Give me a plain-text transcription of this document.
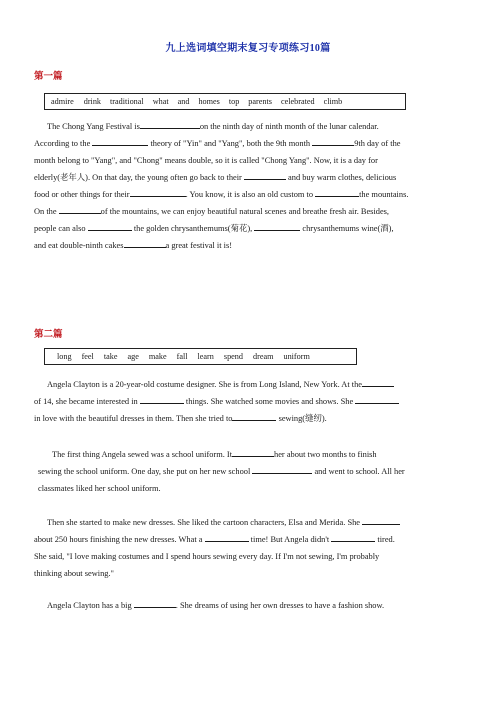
九上选词填空期末复习专项练习10篇
第一篇
admire drink traditional what and homes top parents celebrated climb
The Chong Yang Festival is	on the ninth day of ninth month of the lunar calendar.
According to the	theory of "Yin" and "Yang", both the 9th month	9th day of the
month belong to "Yang", and "Chong" means double, so it is called "Chong Yang". Now, it is a day for
elderly(老年人). On that day, the young often go back to their	and buy warm clothes, delicious
food or other things for their	. You know, it is also an old custom to	the mountains.
On the	of the mountains, we can enjoy beautiful natural scenes and breathe fresh air. Besides,
people can also	the golden chrysanthemums(菊花),	chrysanthemums wine(酒),
and eat double-ninth cakes	a great festival it is!
第二篇
long feel take age make fall learn spend dream uniform
Angela Clayton is a 20-year-old costume designer. She is from Long Island, New York. At the
of 14, she became interested in	things. She watched some movies and shows. She
in love with the beautiful dresses in them. Then she tried to	sewing(缝纫).
The first thing Angela sewed was a school uniform. It	her about two months to finish
sewing the school uniform. One day, she put on her new school	and went to school. All her
classmates liked her school uniform.
Then she started to make new dresses. She liked the cartoon characters, Elsa and Merida. She
about 250 hours finishing the new dresses. What a	time! But Angela didn't	tired.
She said, "I love making costumes and I spend hours sewing every day. If I'm not sewing, I'm probably
thinking about sewing."
Angela Clayton has a big	. She dreams of using her own dresses to have a fashion show.
